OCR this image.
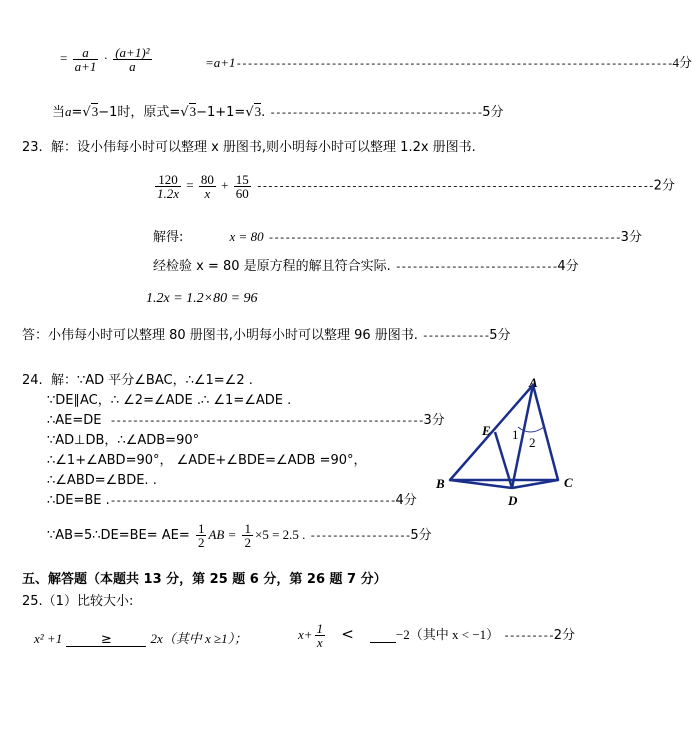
= $\frac{a}{a+1} \cdot \frac{\text{(a+1)²}}{a}$	=a+1------------------------------------------------------------------------------4分
当a=√3−1时，原式=√3−1+1=√3. --------------------------------------5分
23. 解：设小伟每小时可以整理 x 册图书,则小明每小时可以整理 1.2x 册图书.
$\frac{120}{1.2x} = \frac{80}{x} + \frac{15}{60} -----------------------------------------------------------------------2$分
解得:	x = 80 ---------------------------------------------------------------3分
经检验 x = 80 是原方程的解且符合实际. -----------------------------4分
1.2x = 1.2×80 = 96
答：小伟每小时可以整理 80 册图书,小明每小时可以整理 96 册图书. ------------5分
24. 解：∵AD 平分∠BAC，∴∠1=∠2 .
∵DE∥AC，∴ ∠2=∠ADE .∴ ∠1=∠ADE .
∴AE=DE --------------------------------------------------------3分
∵AD⊥DB，∴∠ADB=90°
∴∠1+∠ABD=90°， ∠ADE+∠BDE=∠ADB =90°，
∴∠ABD=∠BDE. .
∴DE=BE .---------------------------------------------------4分
∵AB=5∴DE=BE= $AE= \frac{1}{2}$ AB = $\frac{1}{2} \times 5 = 2.5$ . ------------------5分
A
B	C
D
E 1
2
五、解答题（本题共 13 分，第 25 题 6 分，第 26 题 7 分）
25.（1）比较大小:
x² +1	≥	2x（其中 x ≥1）；	$x+ \frac{1}{x}$ <	−2（其中 x < −1） ---------2分
